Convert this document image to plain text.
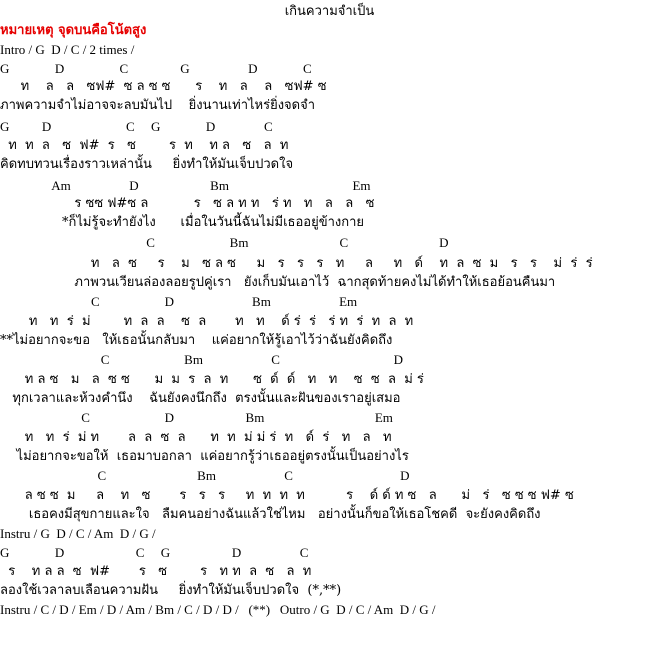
เกินความจำเป็น
หมายเหตุ จุดบนคือโน้ตสูง
Intro / G  D / C / 2 times /
G              D                 C                G                  D              C
ท    ล   ล   ซฟ#  ซ ล ซ ซ      ร    ท   ล    ล   ซฟ# ซ
ภาพความจำไม่อาจจะลบมันไป    ยิ่งนานเท่าไหร่ยิ่งจดจำ
G          D                       C     G              D               C
ท  ท  ล   ซ  ฟ#  ร   ซ        ร  ท    ท ล   ซ   ล  ท
คิดทบทวนเรื่องราวเหล่านั้น     ยิ่งทำให้มันเจ็บปวดใจ
Am                  D                      Bm                                      Em
ร ซซ ฟ#ซ ล           ร   ซ ล ท ท   ร่ ท   ท   ล   ล   ซ
*ก็ไม่รู้จะทำยังไง      เมื่อในวันนี้ฉันไม่มีเธออยู่ข้างกาย
C                       Bm                            C                            D
ท   ล  ซ     ร    ม   ซ ล ซ     ม   ร   ร   ร   ท     ล     ท   ด์    ท  ล  ซ  ม   ร   ร    ม่  ร่  ร่
ภาพวนเวียนล่องลอยรูปคู่เรา   ยังเก็บมันเอาไว้  ฉากสุดท้ายคงไม่ได้ทำให้เธอย้อนคืนมา
C                    D                        Bm                     Em
ท   ท  ร่  ม่        ท  ล  ล    ซ  ล       ท   ท    ด์ ร่  ร่   ร่ ท  ร่  ท  ล  ท
**ไม่อยากจะขอ   ให้เธอนั้นกลับมา    แค่อยากให้รู้เอาไว้ว่าฉันยังคิดถึง
C                       Bm                     C                                   D
ท ล ซ   ม   ล  ซ ซ      ม  ม  ร  ล  ท      ซ  ด์  ด์   ท   ท    ซ  ซ  ล  ม่ ร่
ทุกเวลาและห้วงคำนึง    ฉันยังคงนึกถึง  ตรงนั้นและฝันของเราอยู่เสมอ
C                       D                      Bm                                  Em
ท   ท  ร่  ม่ ท       ล  ล  ซ  ล      ท  ท  ม่ ม่ ร่  ท   ด์  ร่   ท   ล   ท
ไม่อยากจะขอให้  เธอมาบอกลา  แค่อยากรู้ว่าเธออยู่ตรงนั้นเป็นอย่างไร
C                            Bm                     C                                 D
ล ซ ซ  ม     ล    ท   ซ       ร   ร   ร     ท  ท  ท  ท          ร    ด์ ด์ ท ซ   ล      ม่   ร่   ซ ซ ซ ฟ# ซ
เธอคงมีสุขกายและใจ   ลืมคนอย่างฉันแล้วใช่ไหม   อย่างนั้นก็ขอให้เธอโชคดี  จะยังคงคิดถึง
Instru / G  D / C / Am  D / G /
G              D                      C     G                   D                  C
ร    ท ล ล  ซ  ฟ#       ร   ซ        ร   ท ท  ล  ซ   ล  ท
ลองใช้เวลาลบเลือนความฝัน     ยิ่งทำให้มันเจ็บปวดใจ  (*,**)
Instru / C / D / Em / D / Am / Bm / C / D / D /   (**)   Outro / G  D / C / Am  D / G /
